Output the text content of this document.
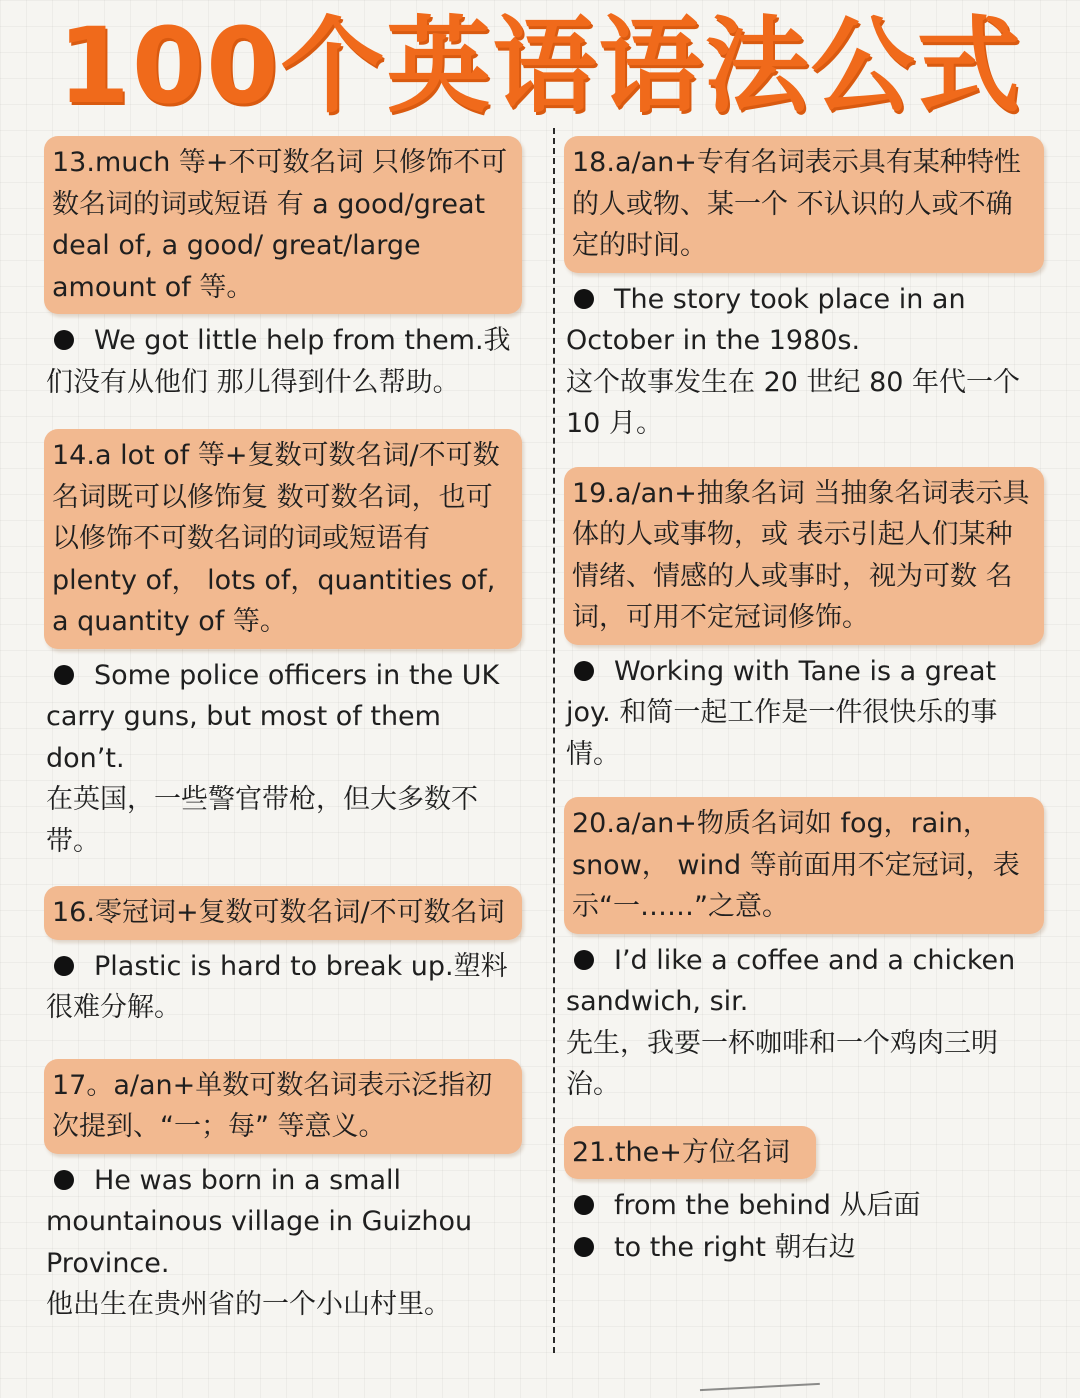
100个英语语法公式
13.much 等+不可数名词 只修饰不可数名词的词或短语 有 a good/great deal of, a good/ great/large amount of 等。
We got little help from them.我们没有从他们 那儿得到什么帮助。
14.a lot of 等+复数可数名词/不可数名词既可以修饰复 数可数名词，也可以修饰不可数名词的词或短语有plenty of， lots of，quantities of, a quantity of 等。
Some police officers in the UK carry guns, but most of them don’t.
在英国，一些警官带枪，但大多数不带。
16.零冠词+复数可数名词/不可数名词
Plastic is hard to break up.塑料很难分解。
17。a/an+单数可数名词表示泛指初次提到、“一；每” 等意义。
He was born in a small mountainous village in Guizhou Province.
他出生在贵州省的一个小山村里。
18.a/an+专有名词表示具有某种特性的人或物、某一个 不认识的人或不确定的时间。
The story took place in an October in the 1980s.
这个故事发生在 20 世纪 80 年代一个 10 月。
19.a/an+抽象名词 当抽象名词表示具体的人或事物，或 表示引起人们某种情绪、情感的人或事时，视为可数 名词，可用不定冠词修饰。
Working with Tane is a great joy. 和简一起工作是一件很快乐的事情。
20.a/an+物质名词如 fog，rain， snow， wind 等前面用不定冠词，表示“一……”之意。
I’d like a coffee and a chicken sandwich, sir.
先生，我要一杯咖啡和一个鸡肉三明治。
21.the+方位名词
from the behind 从后面
to the right 朝右边
